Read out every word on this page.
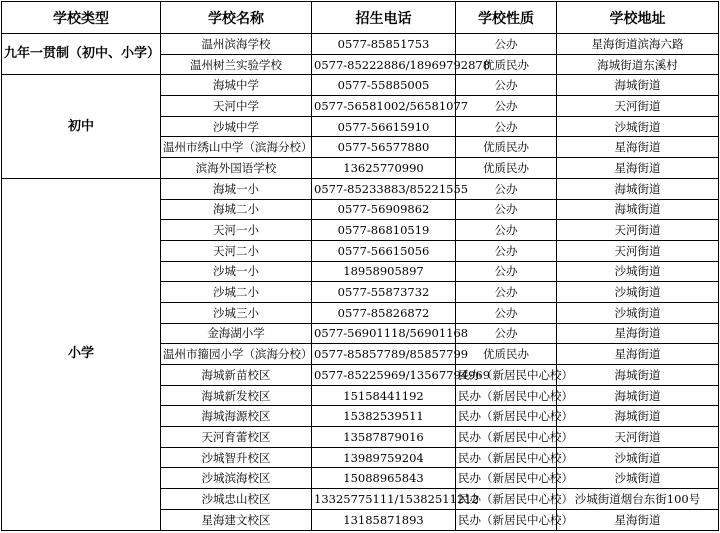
学校类型	学校名称	招生电话	学校性质	学校地址
九年一贯制（初中、小学）	温州滨海学校	0577-85851753	公办	星海街道滨海六路
	温州树兰实验学校	0577-85222886/18969792878	优质民办	海城街道东溪村
初中	海城中学	0577-55885005	公办	海城街道
	天河中学	0577-56581002/56581077	公办	天河街道
	沙城中学	0577-56615910	公办	沙城街道
	温州市绣山中学（滨海分校）	0577-56577880	优质民办	星海街道
	滨海外国语学校	13625770990	优质民办	星海街道
小学	海城一小	0577-85233883/85221555	公办	海城街道
	海城二小	0577-56909862	公办	海城街道
	天河一小	0577-86810519	公办	天河街道
	天河二小	0577-56615056	公办	天河街道
	沙城一小	18958905897	公办	沙城街道
	沙城二小	0577-55873732	公办	沙城街道
	沙城三小	0577-85826872	公办	沙城街道
	金海湖小学	0577-56901118/56901168	公办	星海街道
	温州市籀园小学（滨海分校）	0577-85857789/85857799	优质民办	星海街道
	海城新苗校区	0577-85225969/13567794969	民办（新居民中心校）	海城街道
	海城新发校区	15158441192	民办（新居民中心校）	海城街道
	海城海源校区	15382539511	民办（新居民中心校）	海城街道
	天河育蕾校区	13587879016	民办（新居民中心校）	天河街道
	沙城智升校区	13989759204	民办（新居民中心校）	沙城街道
	沙城滨海校区	15088965843	民办（新居民中心校）	沙城街道
	沙城忠山校区	13325775111/15382511212	民办（新居民中心校）	沙城街道烟台东街100号
	星海建文校区	13185871893	民办（新居民中心校）	星海街道
